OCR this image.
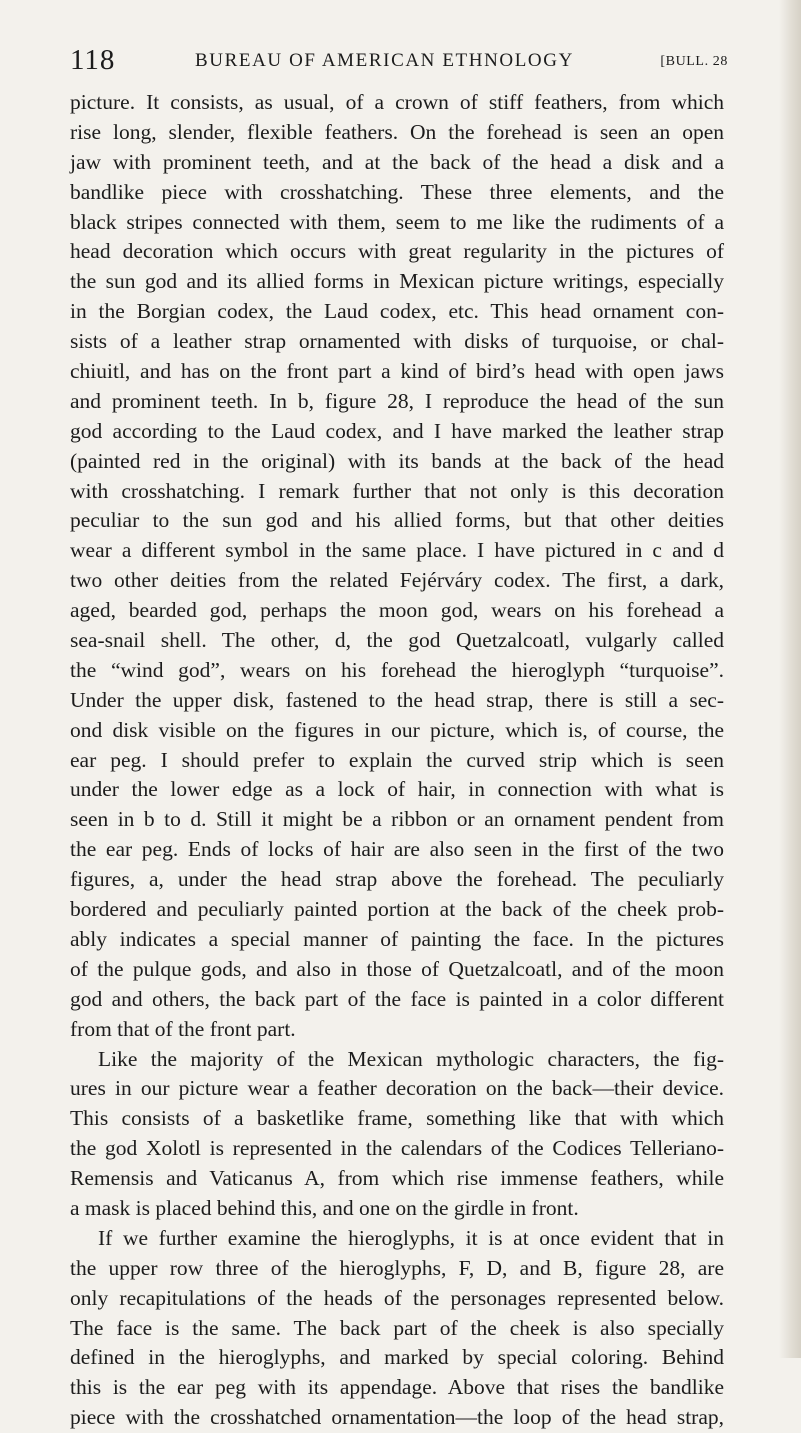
118	BUREAU OF AMERICAN ETHNOLOGY	[BULL. 28
picture. It consists, as usual, of a crown of stiff feathers, from which
rise long, slender, flexible feathers. On the forehead is seen an open
jaw with prominent teeth, and at the back of the head a disk and a
bandlike piece with crosshatching. These three elements, and the
black stripes connected with them, seem to me like the rudiments of a
head decoration which occurs with great regularity in the pictures of
the sun god and its allied forms in Mexican picture writings, especially
in the Borgian codex, the Laud codex, etc. This head ornament con-
sists of a leather strap ornamented with disks of turquoise, or chal-
chiuitl, and has on the front part a kind of bird’s head with open jaws
and prominent teeth. In b, figure 28, I reproduce the head of the sun
god according to the Laud codex, and I have marked the leather strap
(painted red in the original) with its bands at the back of the head
with crosshatching. I remark further that not only is this decoration
peculiar to the sun god and his allied forms, but that other deities
wear a different symbol in the same place. I have pictured in c and d
two other deities from the related Fejérváry codex. The first, a dark,
aged, bearded god, perhaps the moon god, wears on his forehead a
sea-snail shell. The other, d, the god Quetzalcoatl, vulgarly called
the “wind god”, wears on his forehead the hieroglyph “turquoise”.
Under the upper disk, fastened to the head strap, there is still a sec-
ond disk visible on the figures in our picture, which is, of course, the
ear peg. I should prefer to explain the curved strip which is seen
under the lower edge as a lock of hair, in connection with what is
seen in b to d. Still it might be a ribbon or an ornament pendent from
the ear peg. Ends of locks of hair are also seen in the first of the two
figures, a, under the head strap above the forehead. The peculiarly
bordered and peculiarly painted portion at the back of the cheek prob-
ably indicates a special manner of painting the face. In the pictures
of the pulque gods, and also in those of Quetzalcoatl, and of the moon
god and others, the back part of the face is painted in a color different
from that of the front part.
Like the majority of the Mexican mythologic characters, the fig-
ures in our picture wear a feather decoration on the back—their device.
This consists of a basketlike frame, something like that with which
the god Xolotl is represented in the calendars of the Codices Telleriano-
Remensis and Vaticanus A, from which rise immense feathers, while
a mask is placed behind this, and one on the girdle in front.
If we further examine the hieroglyphs, it is at once evident that in
the upper row three of the hieroglyphs, F, D, and B, figure 28, are
only recapitulations of the heads of the personages represented below.
The face is the same. The back part of the cheek is also specially
defined in the hieroglyphs, and marked by special coloring. Behind
this is the ear peg with its appendage. Above that rises the bandlike
piece with the crosshatched ornamentation—the loop of the head strap,
